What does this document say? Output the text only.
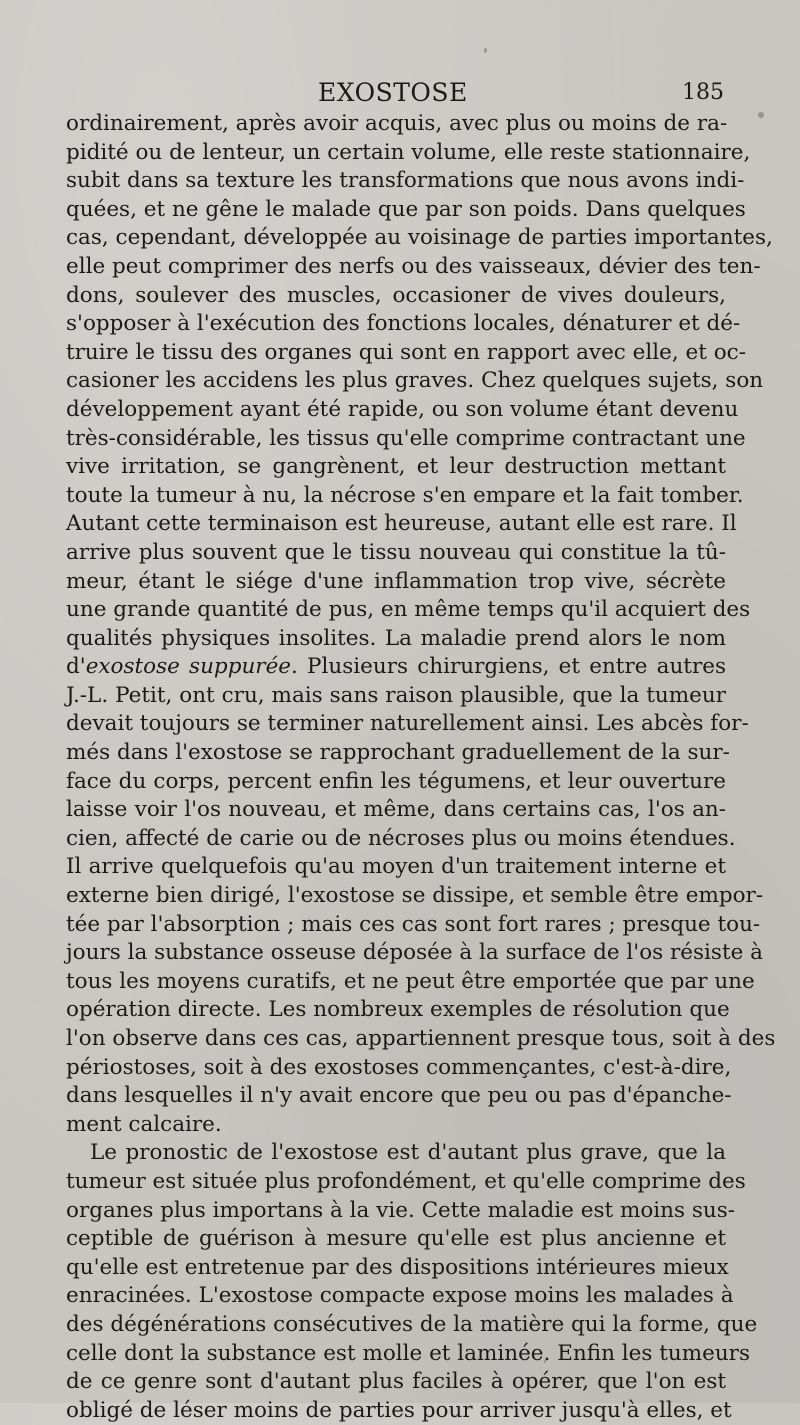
EXOSTOSE	185
ordinairement, après avoir acquis, avec plus ou moins de ra-
pidité ou de lenteur, un certain volume, elle reste stationnaire,
subit dans sa texture les transformations que nous avons indi-
quées, et ne gêne le malade que par son poids. Dans quelques
cas, cependant, développée au voisinage de parties importantes,
elle peut comprimer des nerfs ou des vaisseaux, dévier des ten-
dons, soulever des muscles, occasioner de vives douleurs,
s'opposer à l'exécution des fonctions locales, dénaturer et dé-
truire le tissu des organes qui sont en rapport avec elle, et oc-
casioner les accidens les plus graves. Chez quelques sujets, son
développement ayant été rapide, ou son volume étant devenu
très-considérable, les tissus qu'elle comprime contractant une
vive irritation, se gangrènent, et leur destruction mettant
toute la tumeur à nu, la nécrose s'en empare et la fait tomber.
Autant cette terminaison est heureuse, autant elle est rare. Il
arrive plus souvent que le tissu nouveau qui constitue la tû-
meur, étant le siége d'une inflammation trop vive, sécrète
une grande quantité de pus, en même temps qu'il acquiert des
qualités physiques insolites. La maladie prend alors le nom
d'exostose suppurée. Plusieurs chirurgiens, et entre autres
J.-L. Petit, ont cru, mais sans raison plausible, que la tumeur
devait toujours se terminer naturellement ainsi. Les abcès for-
més dans l'exostose se rapprochant graduellement de la sur-
face du corps, percent enfin les tégumens, et leur ouverture
laisse voir l'os nouveau, et même, dans certains cas, l'os an-
cien, affecté de carie ou de nécroses plus ou moins étendues.
Il arrive quelquefois qu'au moyen d'un traitement interne et
externe bien dirigé, l'exostose se dissipe, et semble être empor-
tée par l'absorption ; mais ces cas sont fort rares ; presque tou-
jours la substance osseuse déposée à la surface de l'os résiste à
tous les moyens curatifs, et ne peut être emportée que par une
opération directe. Les nombreux exemples de résolution que
l'on observe dans ces cas, appartiennent presque tous, soit à des
périostoses, soit à des exostoses commençantes, c'est-à-dire,
dans lesquelles il n'y avait encore que peu ou pas d'épanche-
ment calcaire.
Le pronostic de l'exostose est d'autant plus grave, que la
tumeur est située plus profondément, et qu'elle comprime des
organes plus importans à la vie. Cette maladie est moins sus-
ceptible de guérison à mesure qu'elle est plus ancienne et
qu'elle est entretenue par des dispositions intérieures mieux
enracinées. L'exostose compacte expose moins les malades à
des dégénérations consécutives de la matière qui la forme, que
celle dont la substance est molle et laminée. Enfin les tumeurs
de ce genre sont d'autant plus faciles à opérer, que l'on est
obligé de léser moins de parties pour arriver jusqu'à elles, et
